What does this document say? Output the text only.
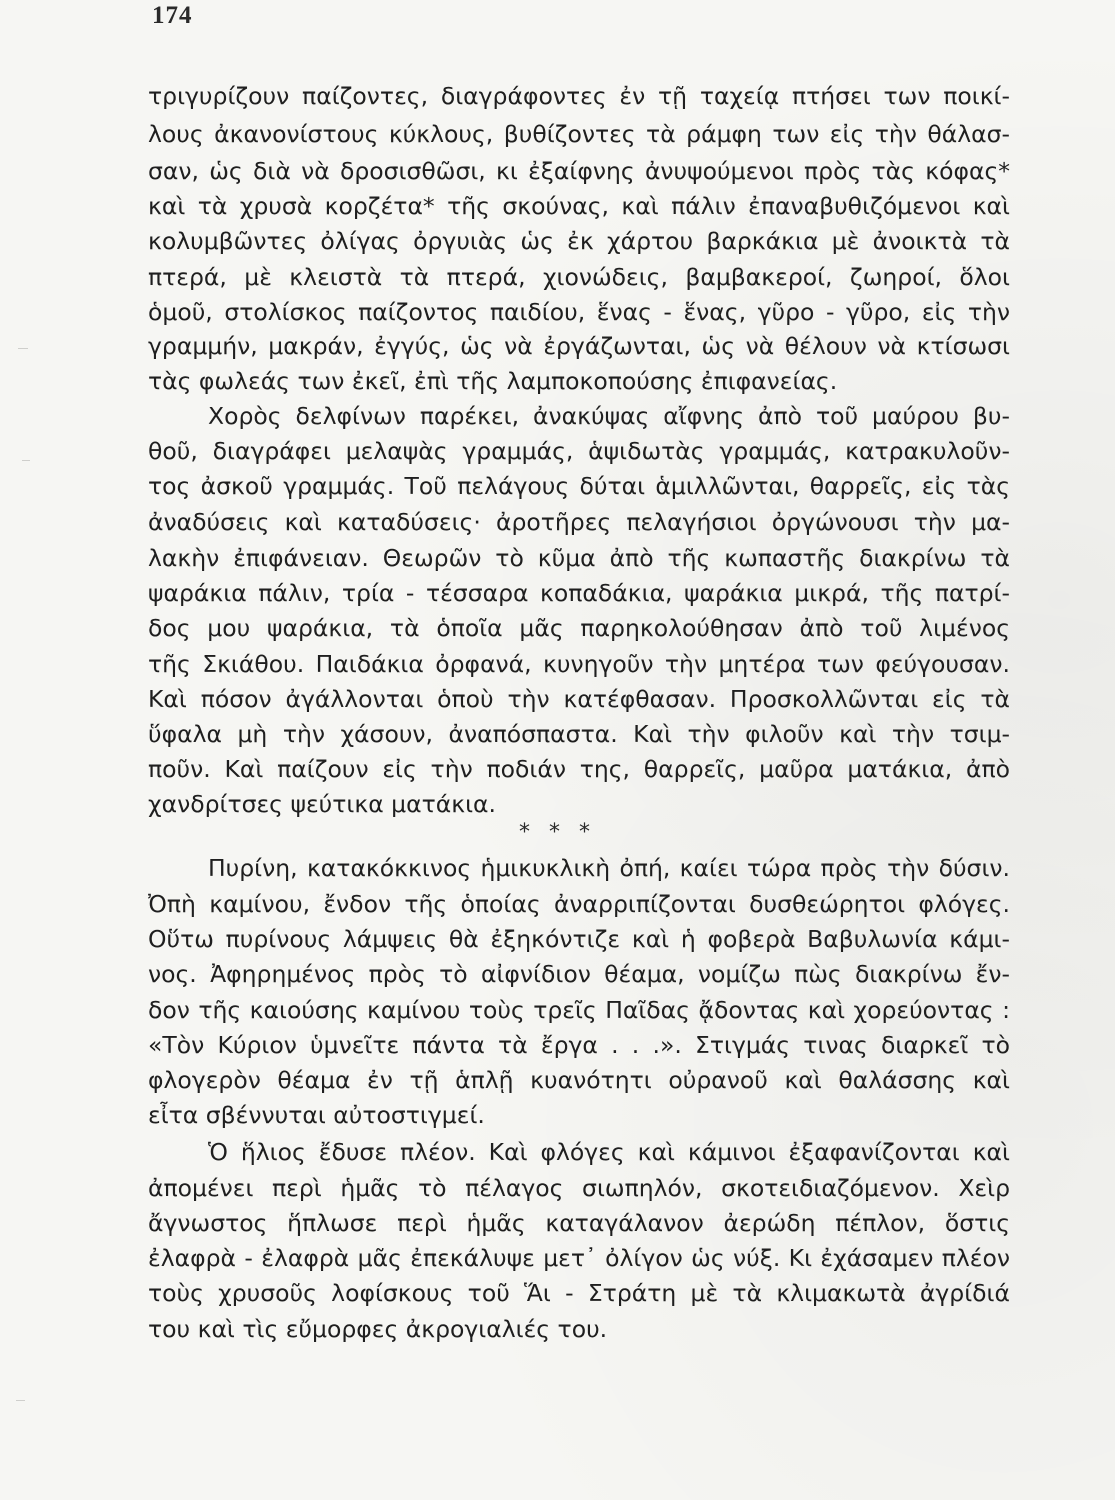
174
τριγυρίζουν παίζοντες, διαγράφοντες ἐν τῇ ταχείᾳ πτήσει των ποικί-
λους ἀκανονίστους κύκλους, βυθίζοντες τὰ ράμφη των εἰς τὴν θάλασ-
σαν, ὡς διὰ νὰ δροσισθῶσι, κι ἐξαίφνης ἀνυψούμενοι πρὸς τὰς κόφας*
καὶ τὰ χρυσὰ κορζέτα* τῆς σκούνας, καὶ πάλιν ἐπαναβυθιζόμενοι καὶ
κολυμβῶντες ὀλίγας ὀργυιὰς ὡς ἐκ χάρτου βαρκάκια μὲ ἀνοικτὰ τὰ
πτερά, μὲ κλειστὰ τὰ πτερά, χιονώδεις, βαμβακεροί, ζωηροί, ὅλοι
ὁμοῦ, στολίσκος παίζοντος παιδίου, ἕνας - ἕνας, γῦρο - γῦρο, εἰς τὴν
γραμμήν, μακράν, ἐγγύς, ὡς νὰ ἐργάζωνται, ὡς νὰ θέλουν νὰ κτίσωσι
τὰς φωλεάς των ἐκεῖ, ἐπὶ τῆς λαμποκοπούσης ἐπιφανείας.
Χορὸς δελφίνων παρέκει, ἀνακύψας αἴφνης ἀπὸ τοῦ μαύρου βυ-
θοῦ, διαγράφει μελαψὰς γραμμάς, ἁψιδωτὰς γραμμάς, κατρακυλοῦν-
τος ἀσκοῦ γραμμάς. Τοῦ πελάγους δύται ἁμιλλῶνται, θαρρεῖς, εἰς τὰς
ἀναδύσεις καὶ καταδύσεις· ἀροτῆρες πελαγήσιοι ὀργώνουσι τὴν μα-
λακὴν ἐπιφάνειαν. Θεωρῶν τὸ κῦμα ἀπὸ τῆς κωπαστῆς διακρίνω τὰ
ψαράκια πάλιν, τρία - τέσσαρα κοπαδάκια, ψαράκια μικρά, τῆς πατρί-
δος μου ψαράκια, τὰ ὁποῖα μᾶς παρηκολούθησαν ἀπὸ τοῦ λιμένος
τῆς Σκιάθου. Παιδάκια ὀρφανά, κυνηγοῦν τὴν μητέρα των φεύγουσαν.
Καὶ πόσον ἀγάλλονται ὁποὺ τὴν κατέφθασαν. Προσκολλῶνται εἰς τὰ
ὕφαλα μὴ τὴν χάσουν, ἀναπόσπαστα. Καὶ τὴν φιλοῦν καὶ τὴν τσιμ-
ποῦν. Καὶ παίζουν εἰς τὴν ποδιάν της, θαρρεῖς, μαῦρα ματάκια, ἀπὸ
χανδρίτσες ψεύτικα ματάκια.
* * *
Πυρίνη, κατακόκκινος ἡμικυκλικὴ ὀπή, καίει τώρα πρὸς τὴν δύσιν.
Ὀπὴ καμίνου, ἔνδον τῆς ὁποίας ἀναρριπίζονται δυσθεώρητοι φλόγες.
Οὕτω πυρίνους λάμψεις θὰ ἐξηκόντιζε καὶ ἡ φοβερὰ Βαβυλωνία κάμι-
νος. Ἀφηρημένος πρὸς τὸ αἰφνίδιον θέαμα, νομίζω πὼς διακρίνω ἔν-
δον τῆς καιούσης καμίνου τοὺς τρεῖς Παῖδας ᾄδοντας καὶ χορεύοντας :
«Τὸν Κύριον ὑμνεῖτε πάντα τὰ ἔργα . . .». Στιγμάς τινας διαρκεῖ τὸ
φλογερὸν θέαμα ἐν τῇ ἁπλῇ κυανότητι οὐρανοῦ καὶ θαλάσσης καὶ
εἶτα σβέννυται αὐτοστιγμεί.
Ὁ ἥλιος ἔδυσε πλέον. Καὶ φλόγες καὶ κάμινοι ἐξαφανίζονται καὶ
ἀπομένει περὶ ἡμᾶς τὸ πέλαγος σιωπηλόν, σκοτειδιαζόμενον. Χεὶρ
ἄγνωστος ἥπλωσε περὶ ἡμᾶς καταγάλανον ἀερώδη πέπλον, ὅστις
ἐλαφρὰ - ἐλαφρὰ μᾶς ἐπεκάλυψε μετ᾽ ὀλίγον ὡς νύξ. Κι ἐχάσαμεν πλέον
τοὺς χρυσοῦς λοφίσκους τοῦ Ἅι - Στράτη μὲ τὰ κλιμακωτὰ ἀγρίδιά
του καὶ τὶς εὔμορφες ἀκρογιαλιές του.
